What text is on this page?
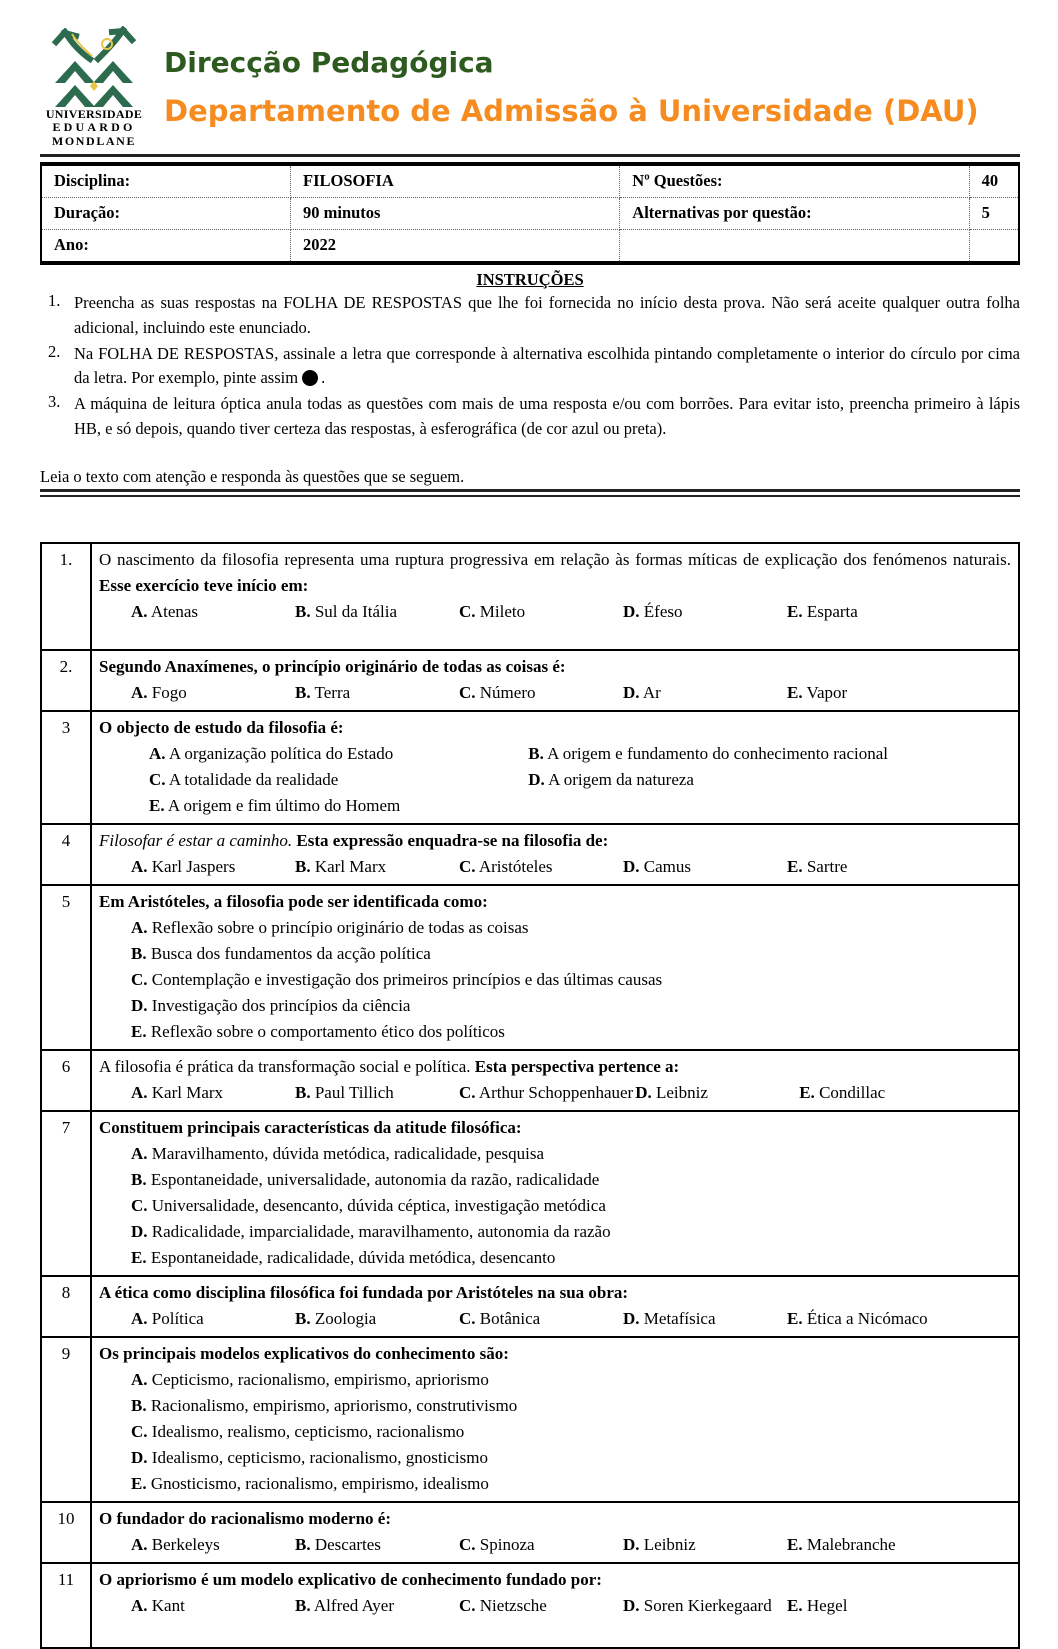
UNIVERSIDADE
EDUARDO
MONDLANE
Direcção Pedagógica
Departamento de Admissão à Universidade (DAU)
Disciplina:	FILOSOFIA	Nº Questões:	40
Duração:	90 minutos	Alternativas por questão:	5
Ano:	2022		
INSTRUÇÕES
1. Preencha as suas respostas na FOLHA DE RESPOSTAS que lhe foi fornecida no início desta prova. Não será aceite qualquer outra folha adicional, incluindo este enunciado.
2. Na FOLHA DE RESPOSTAS, assinale a letra que corresponde à alternativa escolhida pintando completamente o interior do círculo por cima da letra. Por exemplo, pinte assim .
3. A máquina de leitura óptica anula todas as questões com mais de uma resposta e/ou com borrões. Para evitar isto, preencha primeiro à lápis HB, e só depois, quando tiver certeza das respostas, à esferográfica (de cor azul ou preta).
Leia o texto com atenção e responda às questões que se seguem.
1.	O nascimento da filosofia representa uma ruptura progressiva em relação às formas míticas de explicação dos fenómenos naturais. Esse exercício teve início em:
A. Atenas B. Sul da Itália C. Mileto D. Éfeso E. Esparta

2.	Segundo Anaxímenes, o princípio originário de todas as coisas é:
A. Fogo B. Terra C. Número D. Ar E. Vapor

3	O objecto de estudo da filosofia é:
A. A organização política do Estado	B. A origem e fundamento do conhecimento racional
C. A totalidade da realidade	D. A origem da natureza
E. A origem e fim último do Homem

4	Filosofar é estar a caminho. Esta expressão enquadra-se na filosofia de:
A. Karl Jaspers B. Karl Marx C. Aristóteles D. Camus E. Sartre

5	Em Aristóteles, a filosofia pode ser identificada como:
A. Reflexão sobre o princípio originário de todas as coisas
B. Busca dos fundamentos da acção política
C. Contemplação e investigação dos primeiros princípios e das últimas causas
D. Investigação dos princípios da ciência
E. Reflexão sobre o comportamento ético dos políticos

6	A filosofia é prática da transformação social e política. Esta perspectiva pertence a:
A. Karl Marx B. Paul Tillich C. Arthur Schoppenhauer D. Leibniz E. Condillac

7	Constituem principais características da atitude filosófica:
A. Maravilhamento, dúvida metódica, radicalidade, pesquisa
B. Espontaneidade, universalidade, autonomia da razão, radicalidade
C. Universalidade, desencanto, dúvida céptica, investigação metódica
D. Radicalidade, imparcialidade, maravilhamento, autonomia da razão
E. Espontaneidade, radicalidade, dúvida metódica, desencanto

8	A ética como disciplina filosófica foi fundada por Aristóteles na sua obra:
A. Política B. Zoologia C. Botânica D. Metafísica E. Ética a Nicómaco

9	Os principais modelos explicativos do conhecimento são:
A. Cepticismo, racionalismo, empirismo, apriorismo
B. Racionalismo, empirismo, apriorismo, construtivismo
C. Idealismo, realismo, cepticismo, racionalismo
D. Idealismo, cepticismo, racionalismo, gnosticismo
E. Gnosticismo, racionalismo, empirismo, idealismo

10	O fundador do racionalismo moderno é:
A. Berkeleys B. Descartes C. Spinoza D. Leibniz E. Malebranche

11	O apriorismo é um modelo explicativo de conhecimento fundado por:
A. Kant B. Alfred Ayer C. Nietzsche D. Soren Kierkegaard E. Hegel
